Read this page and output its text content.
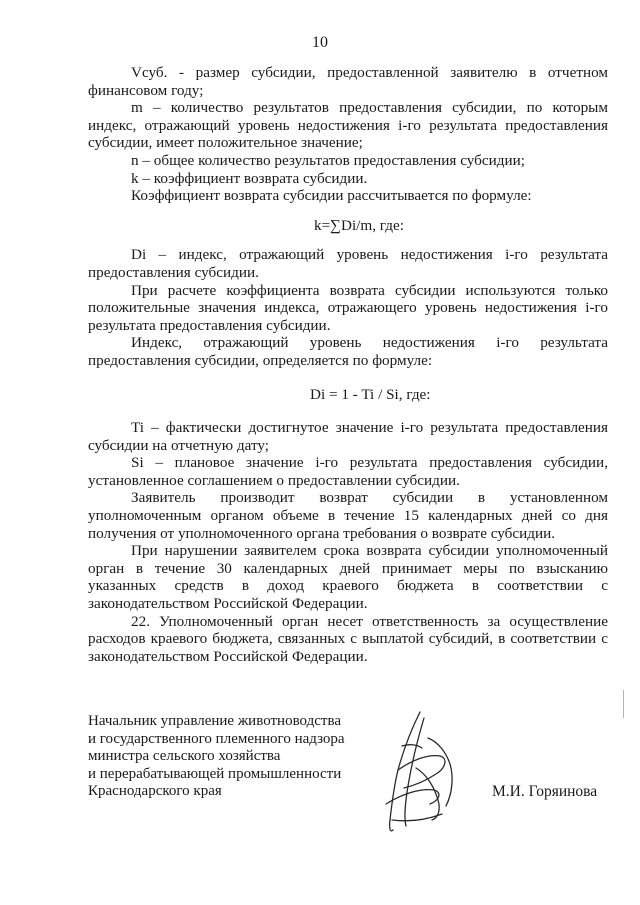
10

Vсуб. - размер субсидии, предоставленной заявителю в отчетном финансовом году;

m – количество результатов предоставления субсидии, по которым индекс, отражающий уровень недостижения i-го результата предоставления субсидии, имеет положительное значение;

n – общее количество результатов предоставления субсидии;

k – коэффициент возврата субсидии.

Коэффициент возврата субсидии рассчитывается по формуле:

k=∑Di/m, где:

Di – индекс, отражающий уровень недостижения i-го результата предоставления субсидии.

При расчете коэффициента возврата субсидии используются только положительные значения индекса, отражающего уровень недостижения i-го результата предоставления субсидии.

Индекс, отражающий уровень недостижения i-го результата предоставления субсидии, определяется по формуле:

Di = 1 - Ti / Si, где:

Ti – фактически достигнутое значение i-го результата предоставления субсидии на отчетную дату;

Si – плановое значение i-го результата предоставления субсидии, установленное соглашением о предоставлении субсидии.

Заявитель производит возврат субсидии в установленном уполномоченным органом объеме в течение 15 календарных дней со дня получения от уполномоченного органа требования о возврате субсидии.

При нарушении заявителем срока возврата субсидии уполномоченный орган в течение 30 календарных дней принимает меры по взысканию указанных средств в доход краевого бюджета в соответствии с законодательством Российской Федерации.

22. Уполномоченный орган несет ответственность за осуществление расходов краевого бюджета, связанных с выплатой субсидий, в соответствии с законодательством Российской Федерации.

Начальник управление животноводства
и государственного племенного надзора
министра сельского хозяйства
и перерабатывающей промышленности
Краснодарского края	М.И. Горяинова
